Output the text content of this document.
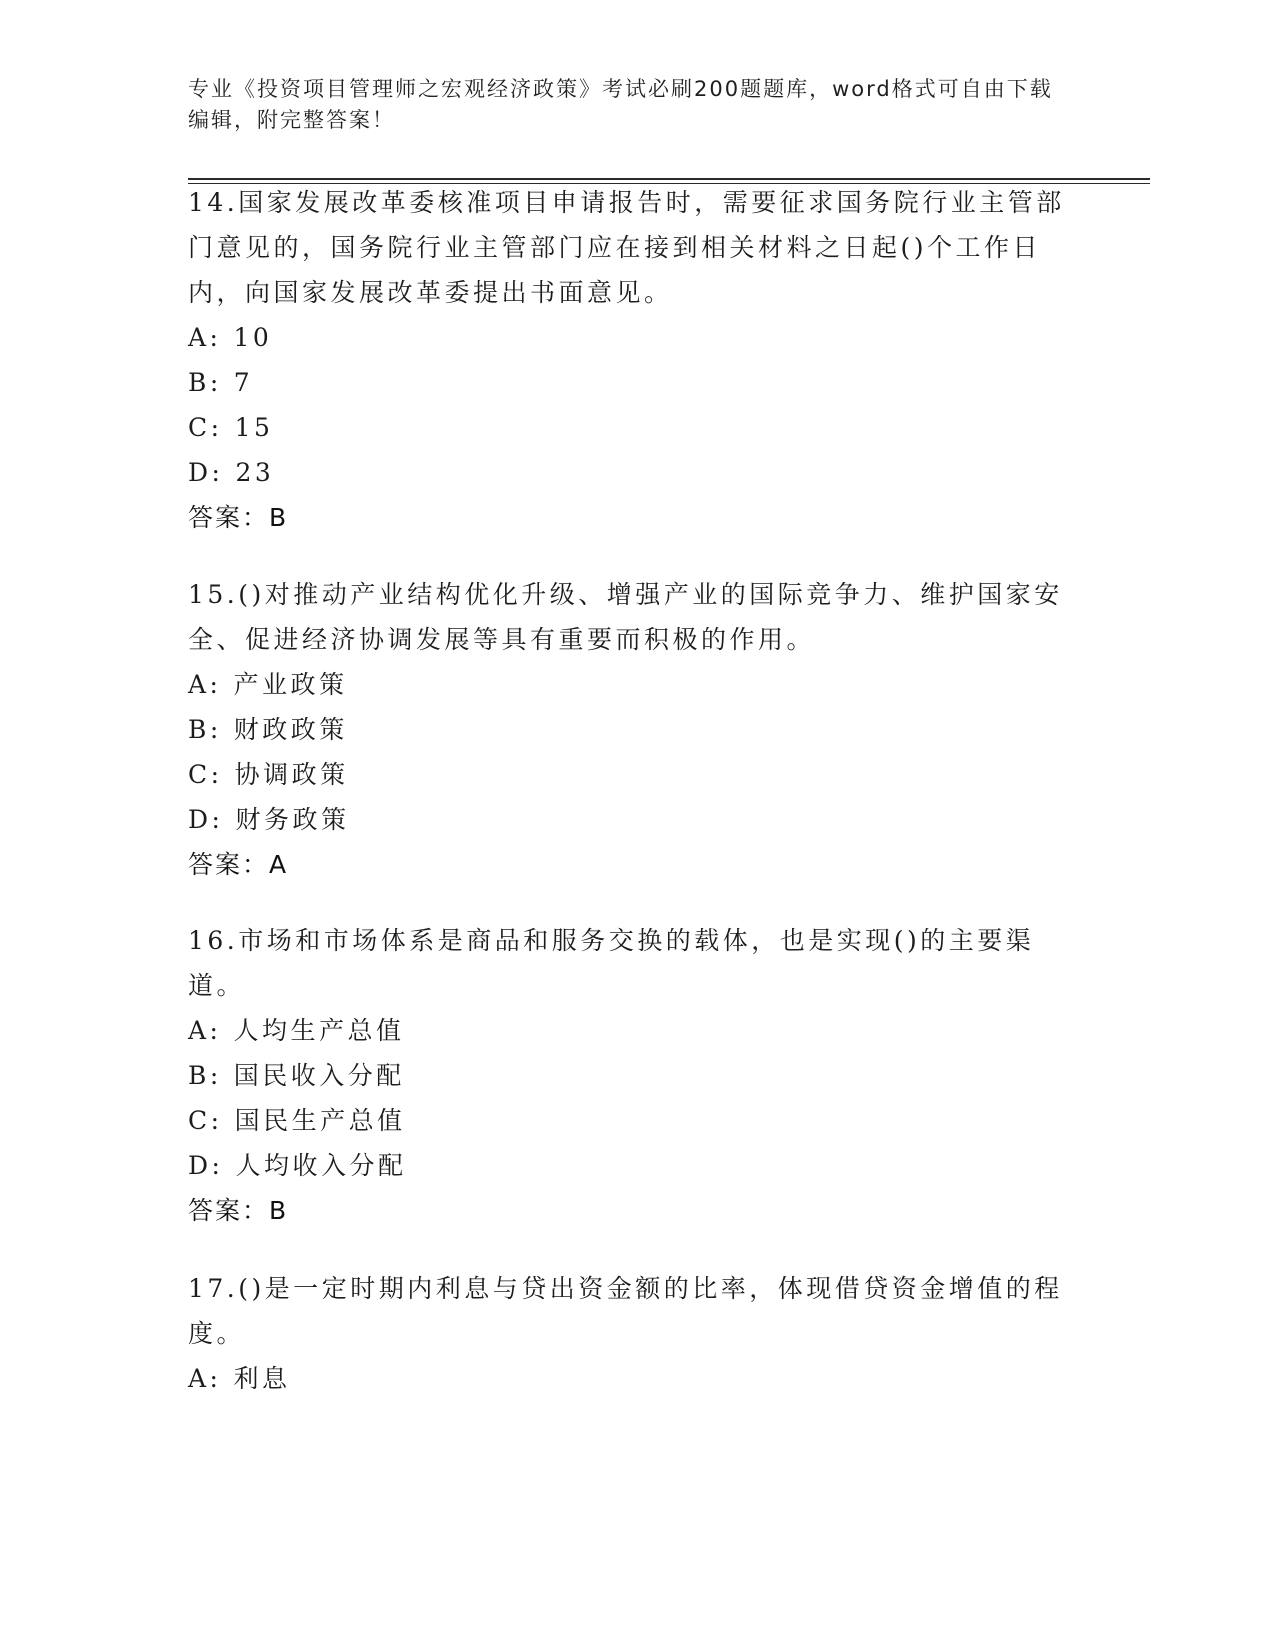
专业《投资项目管理师之宏观经济政策》考试必刷200题题库，word格式可自由下载编辑，附完整答案！

14.国家发展改革委核准项目申请报告时，需要征求国务院行业主管部门意见的，国务院行业主管部门应在接到相关材料之日起()个工作日内，向国家发展改革委提出书面意见。

A: 10
B: 7
C: 15
D: 23
答案：B

15.()对推动产业结构优化升级、增强产业的国际竞争力、维护国家安全、促进经济协调发展等具有重要而积极的作用。

A: 产业政策
B: 财政政策
C: 协调政策
D: 财务政策
答案：A

16.市场和市场体系是商品和服务交换的载体，也是实现()的主要渠道。

A: 人均生产总值
B: 国民收入分配
C: 国民生产总值
D: 人均收入分配
答案：B

17.()是一定时期内利息与贷出资金额的比率，体现借贷资金增值的程度。

A: 利息
